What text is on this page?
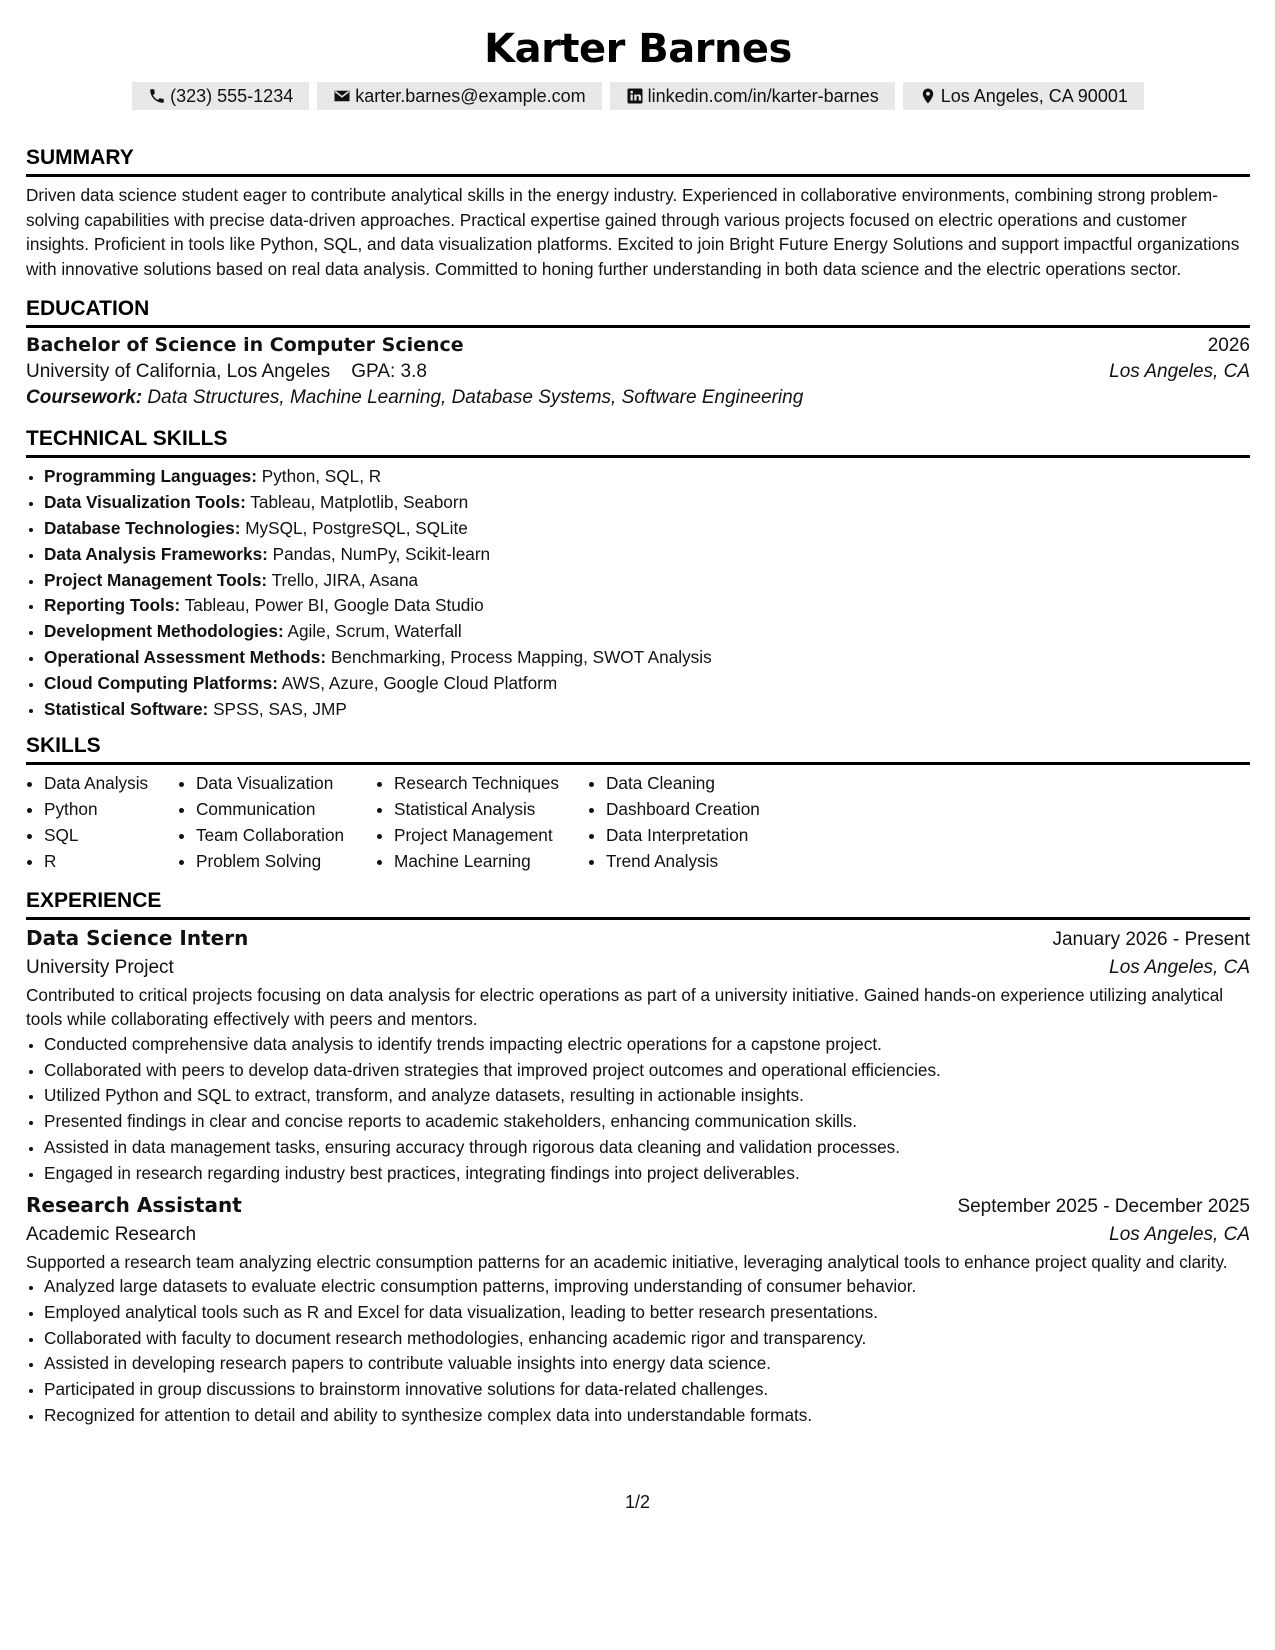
Karter Barnes
(323) 555-1234	karter.barnes@example.com	linkedin.com/in/karter-barnes	Los Angeles, CA 90001
SUMMARY
Driven data science student eager to contribute analytical skills in the energy industry. Experienced in collaborative environments, combining strong problem-solving capabilities with precise data-driven approaches. Practical expertise gained through various projects focused on electric operations and customer insights. Proficient in tools like Python, SQL, and data visualization platforms. Excited to join Bright Future Energy Solutions and support impactful organizations with innovative solutions based on real data analysis. Committed to honing further understanding in both data science and the electric operations sector.
EDUCATION
Bachelor of Science in Computer Science	2026
University of California, Los Angeles GPA: 3.8	Los Angeles, CA
Coursework: Data Structures, Machine Learning, Database Systems, Software Engineering
TECHNICAL SKILLS
• Programming Languages: Python, SQL, R
• Data Visualization Tools: Tableau, Matplotlib, Seaborn
• Database Technologies: MySQL, PostgreSQL, SQLite
• Data Analysis Frameworks: Pandas, NumPy, Scikit-learn
• Project Management Tools: Trello, JIRA, Asana
• Reporting Tools: Tableau, Power BI, Google Data Studio
• Development Methodologies: Agile, Scrum, Waterfall
• Operational Assessment Methods: Benchmarking, Process Mapping, SWOT Analysis
• Cloud Computing Platforms: AWS, Azure, Google Cloud Platform
• Statistical Software: SPSS, SAS, JMP
SKILLS
• Data Analysis
• Python
• SQL
• R
• Data Visualization
• Communication
• Team Collaboration
• Problem Solving
• Research Techniques
• Statistical Analysis
• Project Management
• Machine Learning
• Data Cleaning
• Dashboard Creation
• Data Interpretation
• Trend Analysis
EXPERIENCE
Data Science Intern	January 2026 - Present
University Project	Los Angeles, CA
Contributed to critical projects focusing on data analysis for electric operations as part of a university initiative. Gained hands-on experience utilizing analytical tools while collaborating effectively with peers and mentors.
• Conducted comprehensive data analysis to identify trends impacting electric operations for a capstone project.
• Collaborated with peers to develop data-driven strategies that improved project outcomes and operational efficiencies.
• Utilized Python and SQL to extract, transform, and analyze datasets, resulting in actionable insights.
• Presented findings in clear and concise reports to academic stakeholders, enhancing communication skills.
• Assisted in data management tasks, ensuring accuracy through rigorous data cleaning and validation processes.
• Engaged in research regarding industry best practices, integrating findings into project deliverables.
Research Assistant	September 2025 - December 2025
Academic Research	Los Angeles, CA
Supported a research team analyzing electric consumption patterns for an academic initiative, leveraging analytical tools to enhance project quality and clarity.
• Analyzed large datasets to evaluate electric consumption patterns, improving understanding of consumer behavior.
• Employed analytical tools such as R and Excel for data visualization, leading to better research presentations.
• Collaborated with faculty to document research methodologies, enhancing academic rigor and transparency.
• Assisted in developing research papers to contribute valuable insights into energy data science.
• Participated in group discussions to brainstorm innovative solutions for data-related challenges.
• Recognized for attention to detail and ability to synthesize complex data into understandable formats.
1/2
